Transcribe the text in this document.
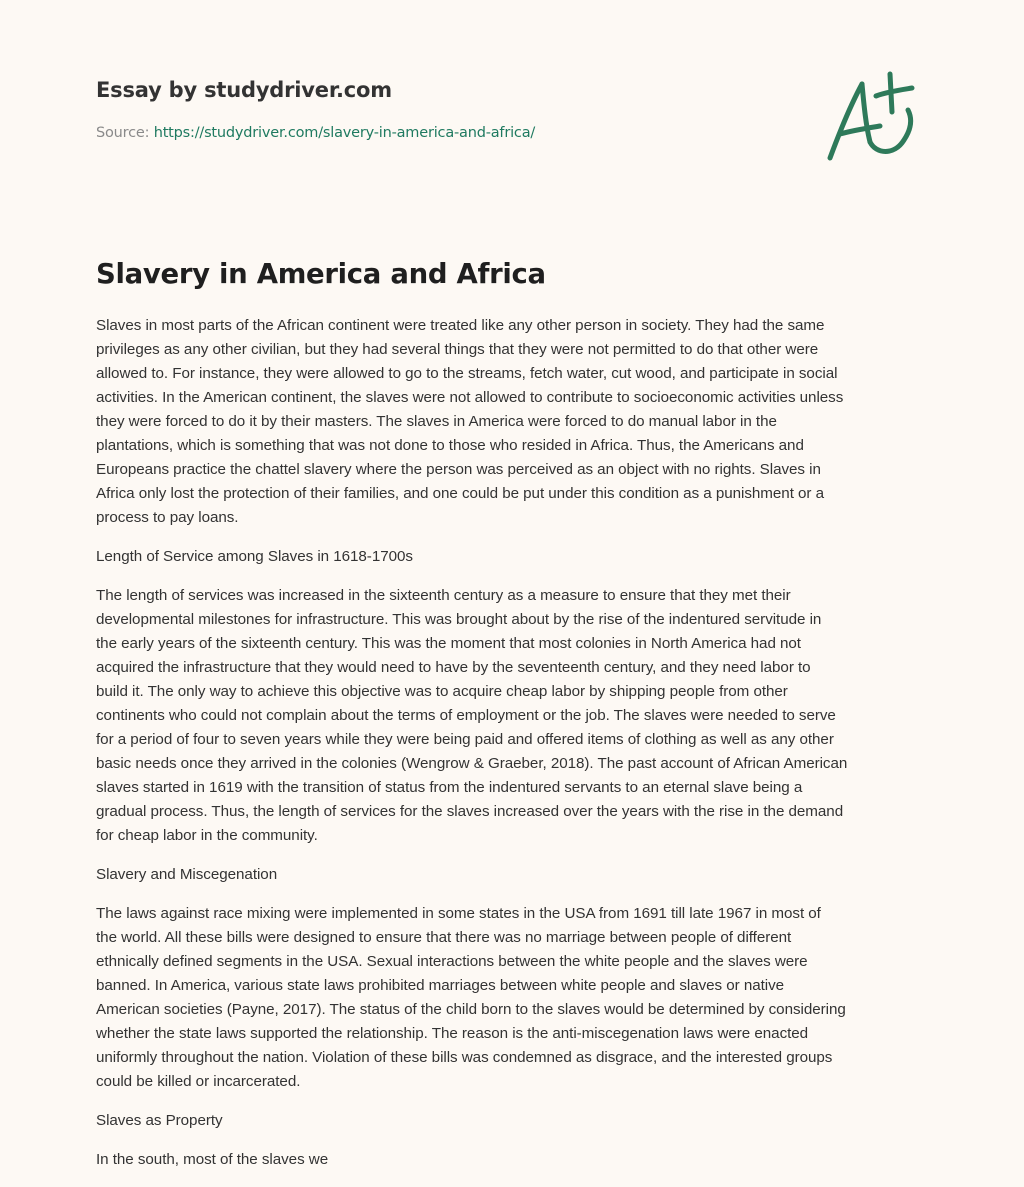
Essay by studydriver.com
Source: https://studydriver.com/slavery-in-america-and-africa/
Slavery in America and Africa

Slaves in most parts of the African continent were treated like any other person in society. They had the same
privileges as any other civilian, but they had several things that they were not permitted to do that other were
allowed to. For instance, they were allowed to go to the streams, fetch water, cut wood, and participate in social
activities. In the American continent, the slaves were not allowed to contribute to socioeconomic activities unless
they were forced to do it by their masters. The slaves in America were forced to do manual labor in the
plantations, which is something that was not done to those who resided in Africa. Thus, the Americans and
Europeans practice the chattel slavery where the person was perceived as an object with no rights. Slaves in
Africa only lost the protection of their families, and one could be put under this condition as a punishment or a
process to pay loans.

Length of Service among Slaves in 1618-1700s

The length of services was increased in the sixteenth century as a measure to ensure that they met their
developmental milestones for infrastructure. This was brought about by the rise of the indentured servitude in
the early years of the sixteenth century. This was the moment that most colonies in North America had not
acquired the infrastructure that they would need to have by the seventeenth century, and they need labor to
build it. The only way to achieve this objective was to acquire cheap labor by shipping people from other
continents who could not complain about the terms of employment or the job. The slaves were needed to serve
for a period of four to seven years while they were being paid and offered items of clothing as well as any other
basic needs once they arrived in the colonies (Wengrow & Graeber, 2018). The past account of African American
slaves started in 1619 with the transition of status from the indentured servants to an eternal slave being a
gradual process. Thus, the length of services for the slaves increased over the years with the rise in the demand
for cheap labor in the community.

Slavery and Miscegenation

The laws against race mixing were implemented in some states in the USA from 1691 till late 1967 in most of
the world. All these bills were designed to ensure that there was no marriage between people of different
ethnically defined segments in the USA. Sexual interactions between the white people and the slaves were
banned. In America, various state laws prohibited marriages between white people and slaves or native
American societies (Payne, 2017). The status of the child born to the slaves would be determined by considering
whether the state laws supported the relationship. The reason is the anti-miscegenation laws were enacted
uniformly throughout the nation. Violation of these bills was condemned as disgrace, and the interested groups
could be killed or incarcerated.

Slaves as Property

In the south, most of the slaves we
